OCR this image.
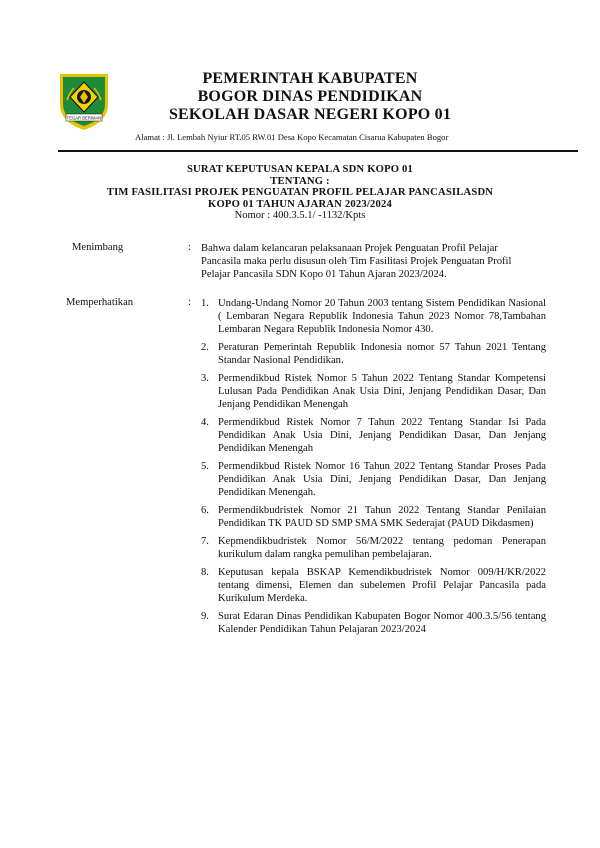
TEGAR BERIMAN
PEMERINTAH KABUPATEN
BOGOR DINAS PENDIDIKAN
SEKOLAH DASAR NEGERI KOPO 01
Alamat : Jl. Lembah Nyiur RT.05 RW.01 Desa Kopo Kecamatan Cisarua Kabupaten Bogor
SURAT KEPUTUSAN KEPALA SDN KOPO 01
TENTANG :
TIM FASILITASI PROJEK PENGUATAN PROFIL PELAJAR PANCASILASDN
KOPO 01 TAHUN AJARAN 2023/2024
Nomor : 400.3.5.1/ -1132/Kpts
Menimbang	: Bahwa dalam kelancaran pelaksanaan Projek Penguatan Profil Pelajar Pancasila maka perlu disusun oleh Tim Fasilitasi Projek Penguatan Profil Pelajar Pancasila SDN Kopo 01 Tahun Ajaran 2023/2024.
Memperhatikan	: 1. Undang-Undang Nomor 20 Tahun 2003 tentang Sistem Pendidikan Nasional ( Lembaran Negara Republik Indonesia Tahun 2023 Nomor 78,Tambahan Lembaran Negara Republik Indonesia Nomor 430.
2. Peraturan Pemerintah Republik Indonesia nomor 57 Tahun 2021 Tentang Standar Nasional Pendidikan.
3. Permendikbud Ristek Nomor 5 Tahun 2022 Tentang Standar Kompetensi Lulusan Pada Pendidikan Anak Usia Dini, Jenjang Pendidikan Dasar, Dan Jenjang Pendidikan Menengah
4. Permendikbud Ristek Nomor 7 Tahun 2022 Tentang Standar Isi Pada Pendidikan Anak Usia Dini, Jenjang Pendidikan Dasar, Dan Jenjang Pendidikan Menengah
5. Permendikbud Ristek Nomor 16 Tahun 2022 Tentang Standar Proses Pada Pendidikan Anak Usia Dini, Jenjang Pendidikan Dasar, Dan Jenjang Pendidikan Menengah.
6. Permendikbudristek Nomor 21 Tahun 2022 Tentang Standar Penilaian Pendidikan TK PAUD SD SMP SMA SMK Sederajat (PAUD Dikdasmen)
7. Kepmendikbudristek Nomor 56/M/2022 tentang pedoman Penerapan kurikulum dalam rangka pemulihan pembelajaran.
8. Keputusan kepala BSKAP Kemendikbudristek Nomor 009/H/KR/2022 tentang dimensi, Elemen dan subelemen Profil Pelajar Pancasila pada Kurikulum Merdeka.
9. Surat Edaran Dinas Pendidikan Kabupaten Bogor Nomor 400.3.5/56 tentang Kalender Pendidikan Tahun Pelajaran 2023/2024
